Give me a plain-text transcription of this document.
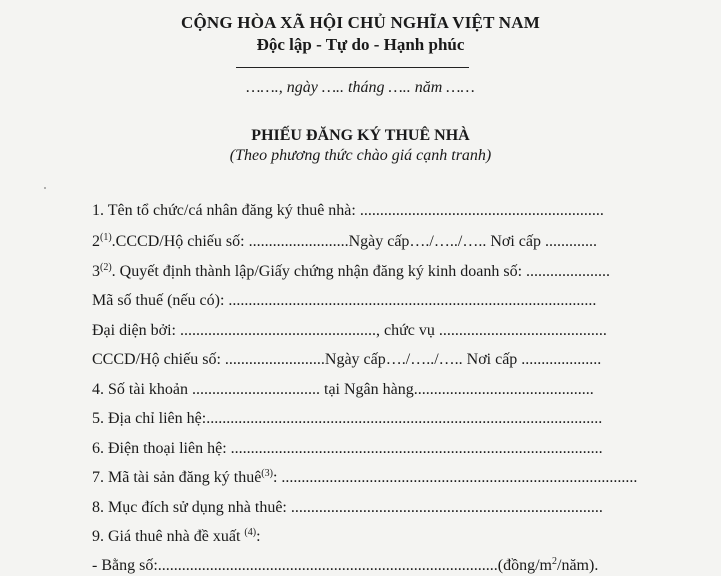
CỘNG HÒA XÃ HỘI CHỦ NGHĨA VIỆT NAM
Độc lập - Tự do - Hạnh phúc
……., ngày ….. tháng ….. năm ……
PHIẾU ĐĂNG KÝ THUÊ NHÀ
(Theo phương thức chào giá cạnh tranh)
1. Tên tổ chức/cá nhân đăng ký thuê nhà: .............................................................
2$^{(1)}$.CCCD/Hộ chiếu số: .........................Ngày cấp…./…../….. Nơi cấp .............
3$^{(2)}$. Quyết định thành lập/Giấy chứng nhận đăng ký kinh doanh số: .....................
Mã số thuế (nếu có): ............................................................................................
Đại diện bởi: ................................................., chức vụ ..........................................
CCCD/Hộ chiếu số: .........................Ngày cấp…./…../….. Nơi cấp ....................
4. Số tài khoản ................................ tại Ngân hàng.............................................
5. Địa chỉ liên hệ:...................................................................................................
6. Điện thoại liên hệ: .............................................................................................
7. Mã tài sản đăng ký thuê$^{(3)}$: .........................................................................................
8. Mục đích sử dụng nhà thuê: ..............................................................................
9. Giá thuê nhà đề xuất $^{(4)}$:
- Bằng $số:.....................................................................................(đồng/m^2/năm)$.
